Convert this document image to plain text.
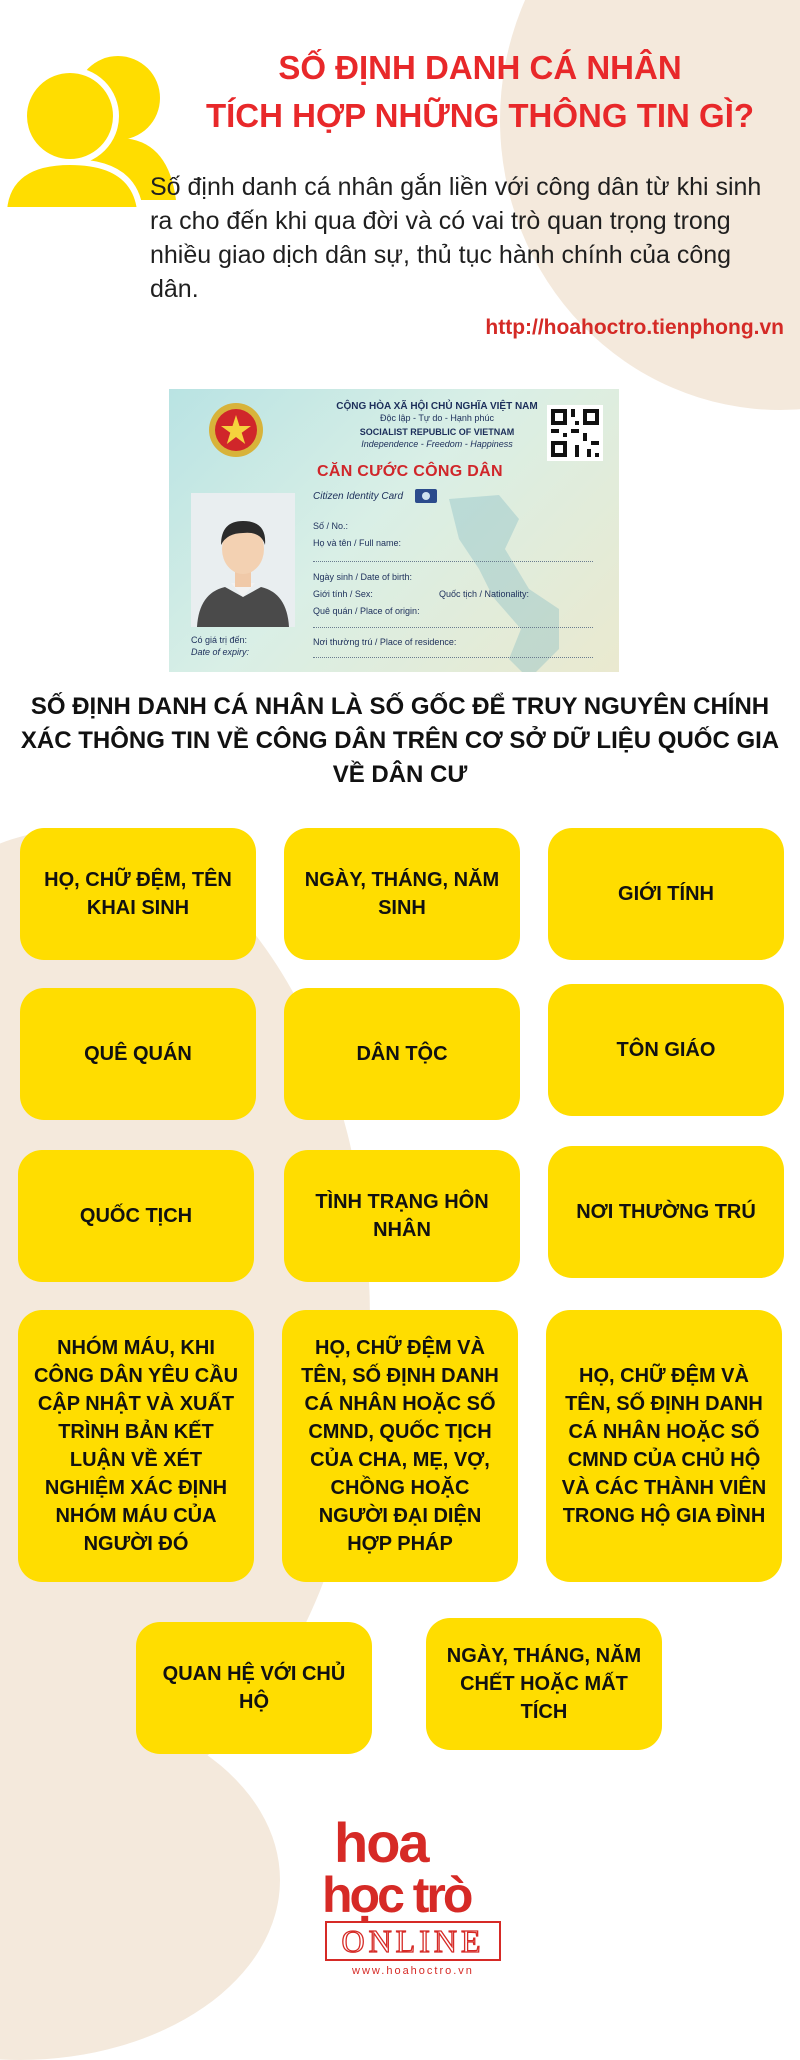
SỐ ĐỊNH DANH CÁ NHÂN
TÍCH HỢP NHỮNG THÔNG TIN GÌ?

Số định danh cá nhân gắn liền với công dân từ khi sinh ra cho đến khi qua đời và có vai trò quan trọng trong nhiều giao dịch dân sự, thủ tục hành chính của công dân.

http://hoahoctro.tienphong.vn
CỘNG HÒA XÃ HỘI CHỦ NGHĨA VIỆT NAM
Độc lập - Tự do - Hạnh phúc
SOCIALIST REPUBLIC OF VIETNAM
Independence - Freedom - Happiness
CĂN CƯỚC CÔNG DÂN
Citizen Identity Card
Số / No.:
Họ và tên / Full name:
Ngày sinh / Date of birth:
Giới tính / Sex:	Quốc tịch / Nationality:
Quê quán / Place of origin:
Có giá trị đến:
Date of expiry:
Nơi thường trú / Place of residence:
SỐ ĐỊNH DANH CÁ NHÂN LÀ SỐ GỐC ĐỂ TRUY NGUYÊN CHÍNH XÁC THÔNG TIN VỀ CÔNG DÂN TRÊN CƠ SỞ DỮ LIỆU QUỐC GIA VỀ DÂN CƯ
HỌ, CHỮ ĐỆM, TÊN KHAI SINH
NGÀY, THÁNG, NĂM SINH
GIỚI TÍNH
QUÊ QUÁN	DÂN TỘC	TÔN GIÁO
QUỐC TỊCH
TÌNH TRẠNG HÔN NHÂN
NƠI THƯỜNG TRÚ
NHÓM MÁU, KHI CÔNG DÂN YÊU CẦU CẬP NHẬT VÀ XUẤT TRÌNH BẢN KẾT LUẬN VỀ XÉT NGHIỆM XÁC ĐỊNH NHÓM MÁU CỦA NGƯỜI ĐÓ
HỌ, CHỮ ĐỆM VÀ TÊN, SỐ ĐỊNH DANH CÁ NHÂN HOẶC SỐ CMND, QUỐC TỊCH CỦA CHA, MẸ, VỢ, CHỒNG HOẶC NGƯỜI ĐẠI DIỆN HỢP PHÁP
HỌ, CHỮ ĐỆM VÀ TÊN, SỐ ĐỊNH DANH CÁ NHÂN HOẶC SỐ CMND CỦA CHỦ HỘ VÀ CÁC THÀNH VIÊN TRONG HỘ GIA ĐÌNH
QUAN HỆ VỚI CHỦ HỘ
NGÀY, THÁNG, NĂM CHẾT HOẶC MẤT TÍCH
hoa
học trò
ONLINE
www.hoahoctro.vn
